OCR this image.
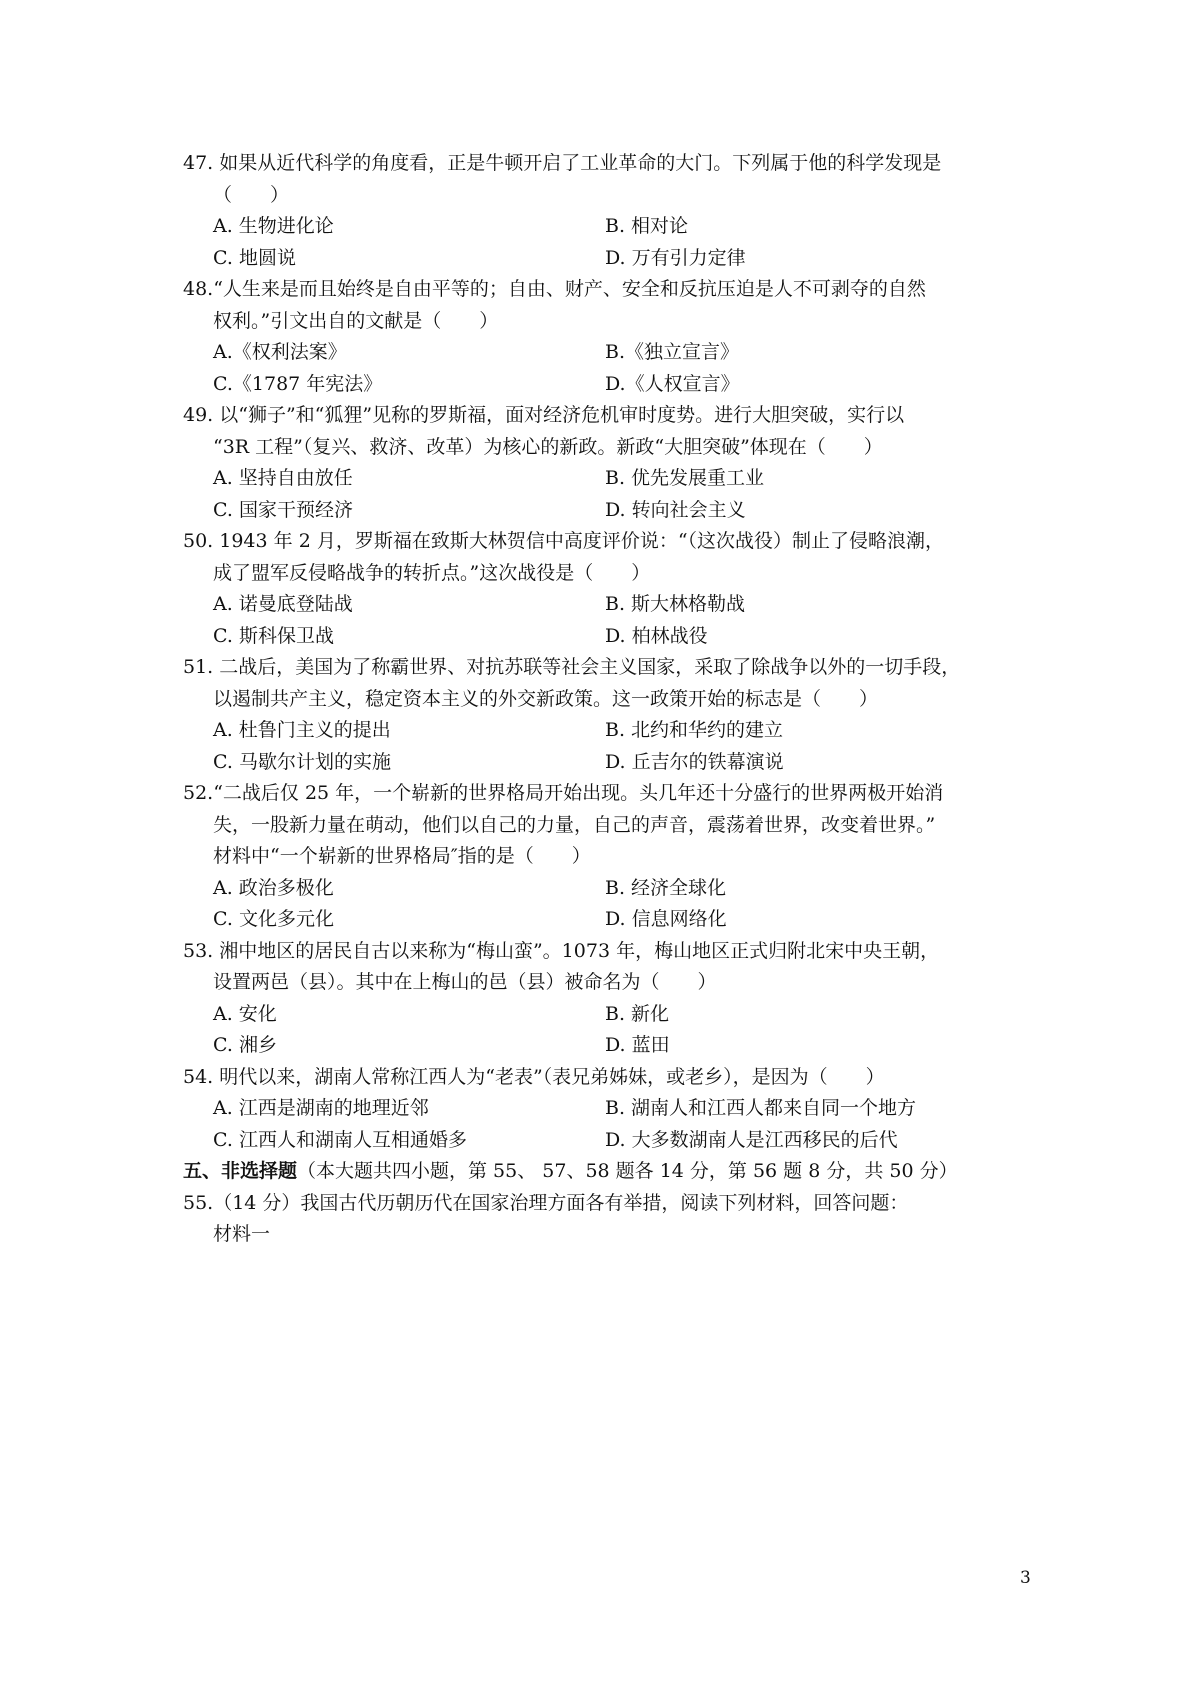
47. 如果从近代科学的角度看，正是牛顿开启了工业革命的大门。下列属于他的科学发现是
（　　）
A. 生物进化论	B. 相对论
C. 地圆说	D. 万有引力定律
48.“人生来是而且始终是自由平等的；自由、财产、安全和反抗压迫是人不可剥夺的自然
权利。”引文出自的文献是（　　）
A.《权利法案》	B.《独立宣言》
C.《1787 年宪法》	D.《人权宣言》
49. 以“狮子”和“狐狸”见称的罗斯福，面对经济危机审时度势。进行大胆突破，实行以
“3R 工程”（复兴、救济、改革）为核心的新政。新政“大胆突破”体现在（　　）
A. 坚持自由放任	B. 优先发展重工业
C. 国家干预经济	D. 转向社会主义
50. 1943 年 2 月，罗斯福在致斯大林贺信中高度评价说：“（这次战役）制止了侵略浪潮，
成了盟军反侵略战争的转折点。”这次战役是（　　）
A. 诺曼底登陆战	B. 斯大林格勒战
C. 斯科保卫战	D. 柏林战役
51. 二战后，美国为了称霸世界、对抗苏联等社会主义国家，采取了除战争以外的一切手段，
以遏制共产主义，稳定资本主义的外交新政策。这一政策开始的标志是（　　）
A. 杜鲁门主义的提出	B. 北约和华约的建立
C. 马歇尔计划的实施	D. 丘吉尔的铁幕演说
52.“二战后仅 25 年，一个崭新的世界格局开始出现。头几年还十分盛行的世界两极开始消
失，一股新力量在萌动，他们以自己的力量，自己的声音，震荡着世界，改变着世界。”
材料中“一个崭新的世界格局″指的是（　　）
A. 政治多极化	B. 经济全球化
C. 文化多元化	D. 信息网络化
53. 湘中地区的居民自古以来称为“梅山蛮”。1073 年，梅山地区正式归附北宋中央王朝，
设置两邑（县）。其中在上梅山的邑（县）被命名为（　　）
A. 安化	B. 新化
C. 湘乡	D. 蓝田
54. 明代以来，湖南人常称江西人为“老表”（表兄弟姊妹，或老乡），是因为（　　）
A. 江西是湖南的地理近邻	B. 湖南人和江西人都来自同一个地方
C. 江西人和湖南人互相通婚多	D. 大多数湖南人是江西移民的后代
五、非选择题（本大题共四小题，第 55、 57、58 题各 14 分，第 56 题 8 分，共 50 分）
55.（14 分）我国古代历朝历代在国家治理方面各有举措，阅读下列材料，回答问题：
材料一
3
